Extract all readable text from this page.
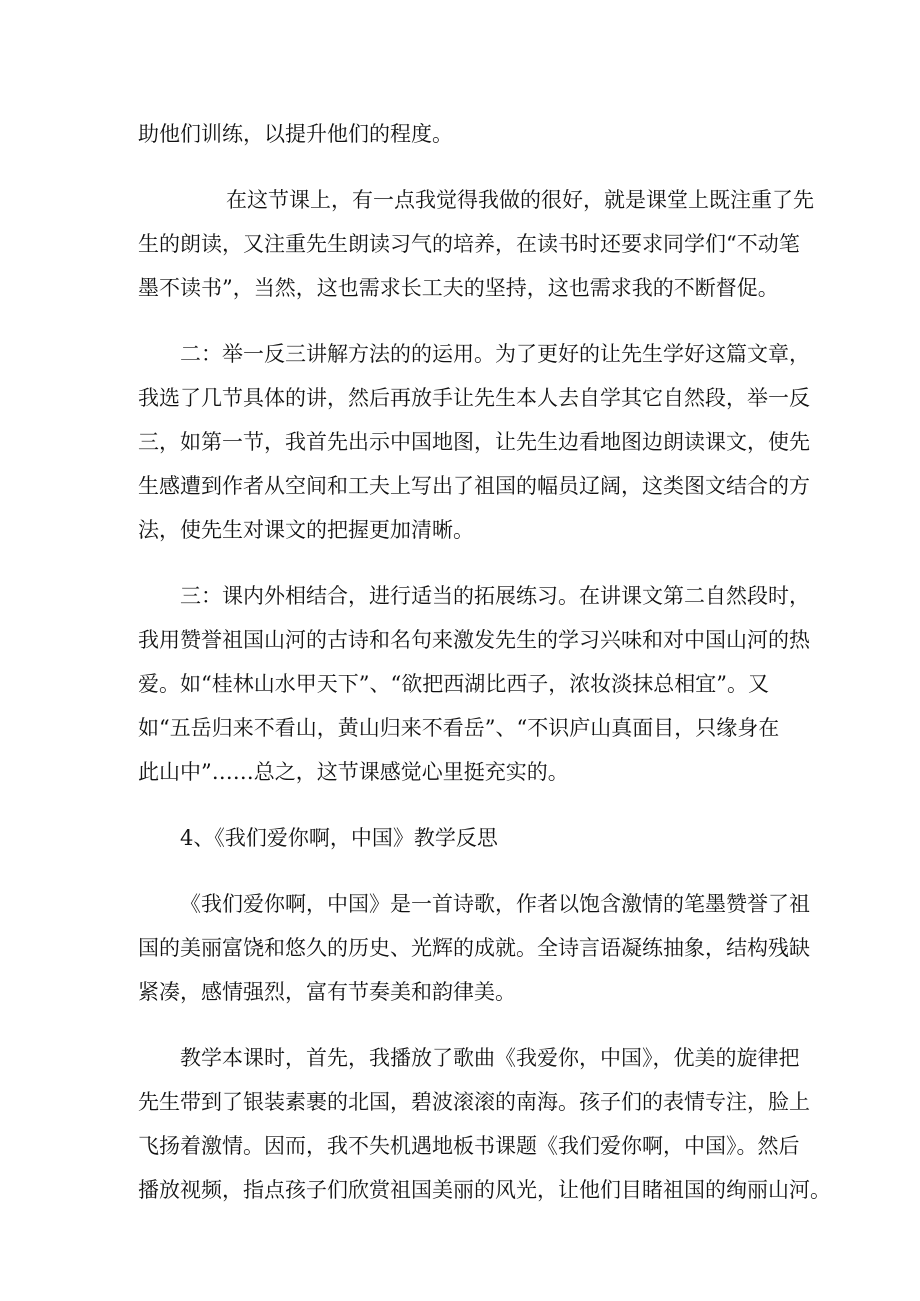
助他们训练，以提升他们的程度。
在这节课上，有一点我觉得我做的很好，就是课堂上既注重了先
生的朗读，又注重先生朗读习气的培养，在读书时还要求同学们“不动笔
墨不读书”，当然，这也需求长工夫的坚持，这也需求我的不断督促。
二：举一反三讲解方法的的运用。为了更好的让先生学好这篇文章，
我选了几节具体的讲，然后再放手让先生本人去自学其它自然段，举一反
三，如第一节，我首先出示中国地图，让先生边看地图边朗读课文，使先
生感遭到作者从空间和工夫上写出了祖国的幅员辽阔，这类图文结合的方
法，使先生对课文的把握更加清晰。
三：课内外相结合，进行适当的拓展练习。在讲课文第二自然段时，
我用赞誉祖国山河的古诗和名句来激发先生的学习兴味和对中国山河的热
爱。如“桂林山水甲天下”、“欲把西湖比西子，浓妆淡抹总相宜”。又
如“五岳归来不看山，黄山归来不看岳”、“不识庐山真面目，只缘身在
此山中”……总之，这节课感觉心里挺充实的。
4、《我们爱你啊，中国》教学反思
《我们爱你啊，中国》是一首诗歌，作者以饱含激情的笔墨赞誉了祖
国的美丽富饶和悠久的历史、光辉的成就。全诗言语凝练抽象，结构残缺
紧凑，感情强烈，富有节奏美和韵律美。
教学本课时，首先，我播放了歌曲《我爱你，中国》，优美的旋律把
先生带到了银装素裹的北国，碧波滚滚的南海。孩子们的表情专注，脸上
飞扬着激情。因而，我不失机遇地板书课题《我们爱你啊，中国》。然后
播放视频，指点孩子们欣赏祖国美丽的风光，让他们目睹祖国的绚丽山河。
